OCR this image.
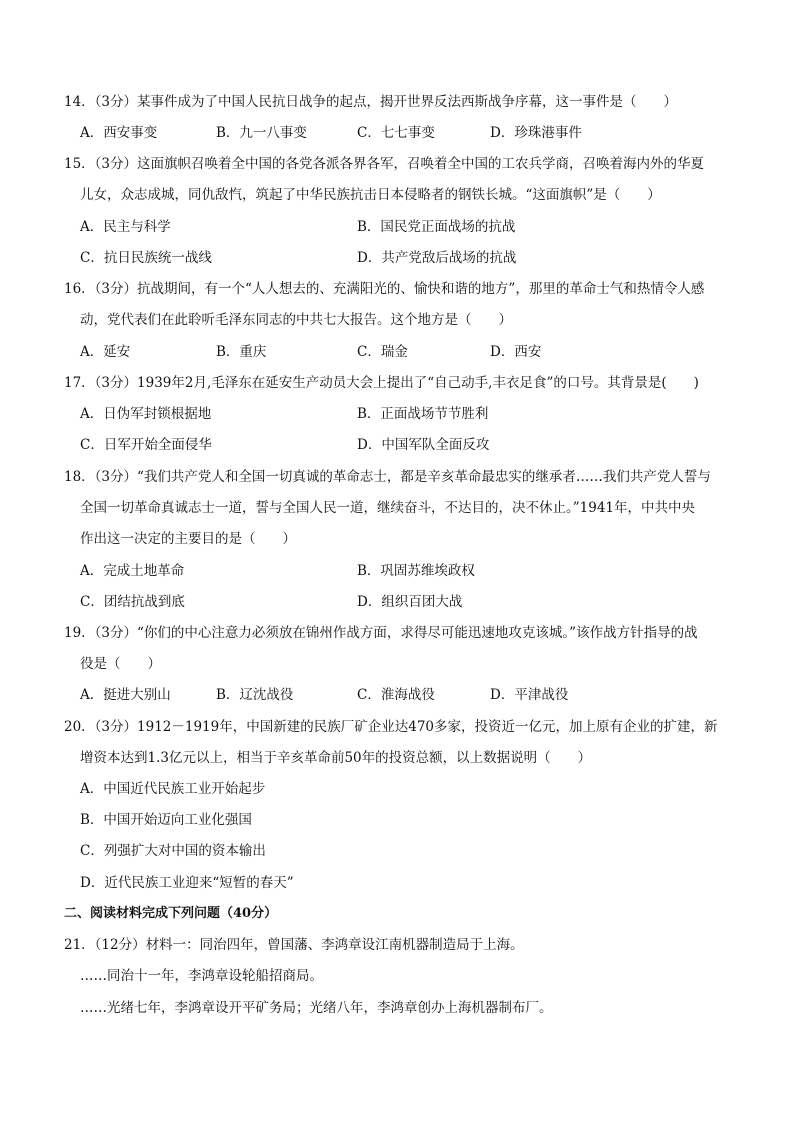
14．（3分）某事件成为了中国人民抗日战争的起点，揭开世界反法西斯战争序幕，这一事件是（　　）
A．西安事变	B．九一八事变	C．七七事变	D．珍珠港事件
15．（3分）这面旗帜召唤着全中国的各党各派各界各军，召唤着全中国的工农兵学商，召唤着海内外的华夏
儿女，众志成城，同仇敌忾，筑起了中华民族抗击日本侵略者的钢铁长城。“这面旗帜”是（　　）
A．民主与科学	B．国民党正面战场的抗战
C．抗日民族统一战线	D．共产党敌后战场的抗战
16．（3分）抗战期间，有一个“人人想去的、充满阳光的、愉快和谐的地方”，那里的革命士气和热情令人感
动，党代表们在此聆听毛泽东同志的中共七大报告。这个地方是（　　）
A．延安	B．重庆	C．瑞金	D．西安
17．（3分）1939年2月,毛泽东在延安生产动员大会上提出了“自己动手,丰衣足食”的口号。其背景是(　　)
A．日伪军封锁根据地	B．正面战场节节胜利
C．日军开始全面侵华	D．中国军队全面反攻
18．（3分）“我们共产党人和全国一切真诚的革命志士，都是辛亥革命最忠实的继承者……我们共产党人誓与
全国一切革命真诚志士一道，誓与全国人民一道，继续奋斗，不达目的，决不休止。”1941年，中共中央
作出这一决定的主要目的是（　　）
A．完成土地革命	B．巩固苏维埃政权
C．团结抗战到底	D．组织百团大战
19．（3分）“你们的中心注意力必须放在锦州作战方面，求得尽可能迅速地攻克该城。”该作战方针指导的战
役是（　　）
A．挺进大别山	B．辽沈战役	C．淮海战役	D．平津战役
20．（3分）1912－1919年，中国新建的民族厂矿企业达470多家，投资近一亿元，加上原有企业的扩建，新
增资本达到1.3亿元以上，相当于辛亥革命前50年的投资总额，以上数据说明（　　）
A．中国近代民族工业开始起步
B．中国开始迈向工业化强国
C．列强扩大对中国的资本输出
D．近代民族工业迎来“短暂的春天”
二、阅读材料完成下列问题（40分）
21．（12分）材料一：同治四年，曾国藩、李鸿章设江南机器制造局于上海。
……同治十一年，李鸿章设轮船招商局。
……光绪七年，李鸿章设开平矿务局；光绪八年，李鸿章创办上海机器制布厂。
